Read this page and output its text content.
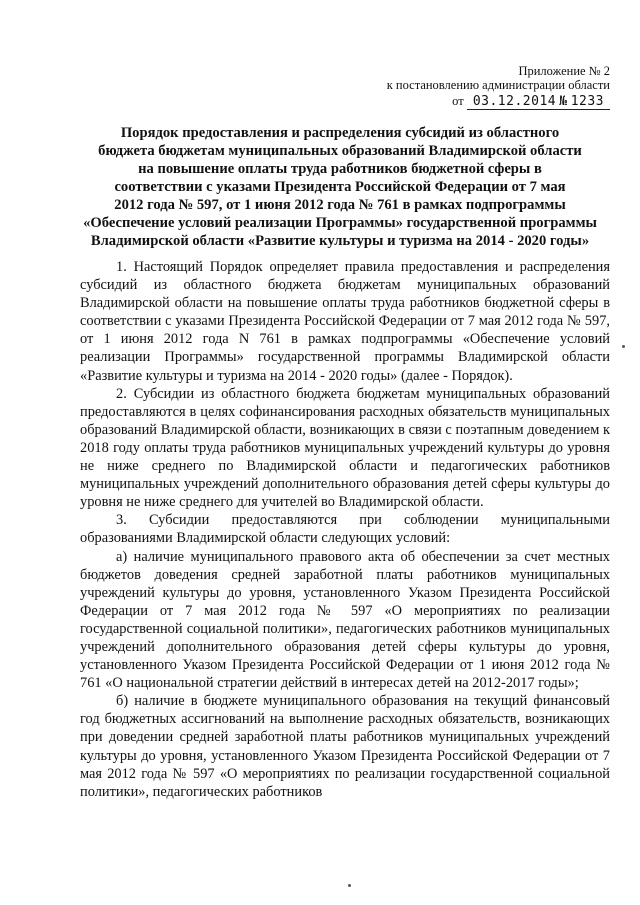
Приложение № 2
к постановлению администрации области
от 03.12.2014 № 1233
Порядок предоставления и распределения субсидий из областного
бюджета бюджетам муниципальных образований Владимирской области
на повышение оплаты труда работников бюджетной сферы в
соответствии с указами Президента Российской Федерации от 7 мая
2012 года № 597, от 1 июня 2012 года № 761 в рамках подпрограммы
«Обеспечение условий реализации Программы» государственной программы
Владимирской области «Развитие культуры и туризма на 2014 - 2020 годы»

1. Настоящий Порядок определяет правила предоставления и распределения субсидий из областного бюджета бюджетам муниципальных образований Владимирской области на повышение оплаты труда работников бюджетной сферы в соответствии с указами Президента Российской Федерации от 7 мая 2012 года № 597, от 1 июня 2012 года N 761 в рамках подпрограммы «Обеспечение условий реализации Программы» государственной программы Владимирской области «Развитие культуры и туризма на 2014 - 2020 годы» (далее - Порядок).

2. Субсидии из областного бюджета бюджетам муниципальных образований предоставляются в целях софинансирования расходных обязательств муниципальных образований Владимирской области, возникающих в связи с поэтапным доведением к 2018 году оплаты труда работников муниципальных учреждений культуры до уровня не ниже среднего по Владимирской области и педагогических работников муниципальных учреждений дополнительного образования детей сферы культуры до уровня не ниже среднего для учителей во Владимирской области.

3. Субсидии предоставляются при соблюдении муниципальными образованиями Владимирской области следующих условий:

а) наличие муниципального правового акта об обеспечении за счет местных бюджетов доведения средней заработной платы работников муниципальных учреждений культуры до уровня, установленного Указом Президента Российской Федерации от 7 мая 2012 года № 597 «О мероприятиях по реализации государственной социальной политики», педагогических работников муниципальных учреждений дополнительного образования детей сферы культуры до уровня, установленного Указом Президента Российской Федерации от 1 июня 2012 года № 761 «О национальной стратегии действий в интересах детей на 2012-2017 годы»;

б) наличие в бюджете муниципального образования на текущий финансовый год бюджетных ассигнований на выполнение расходных обязательств, возникающих при доведении средней заработной платы работников муниципальных учреждений культуры до уровня, установленного Указом Президента Российской Федерации от 7 мая 2012 года № 597 «О мероприятиях по реализации государственной социальной политики», педагогических работников
